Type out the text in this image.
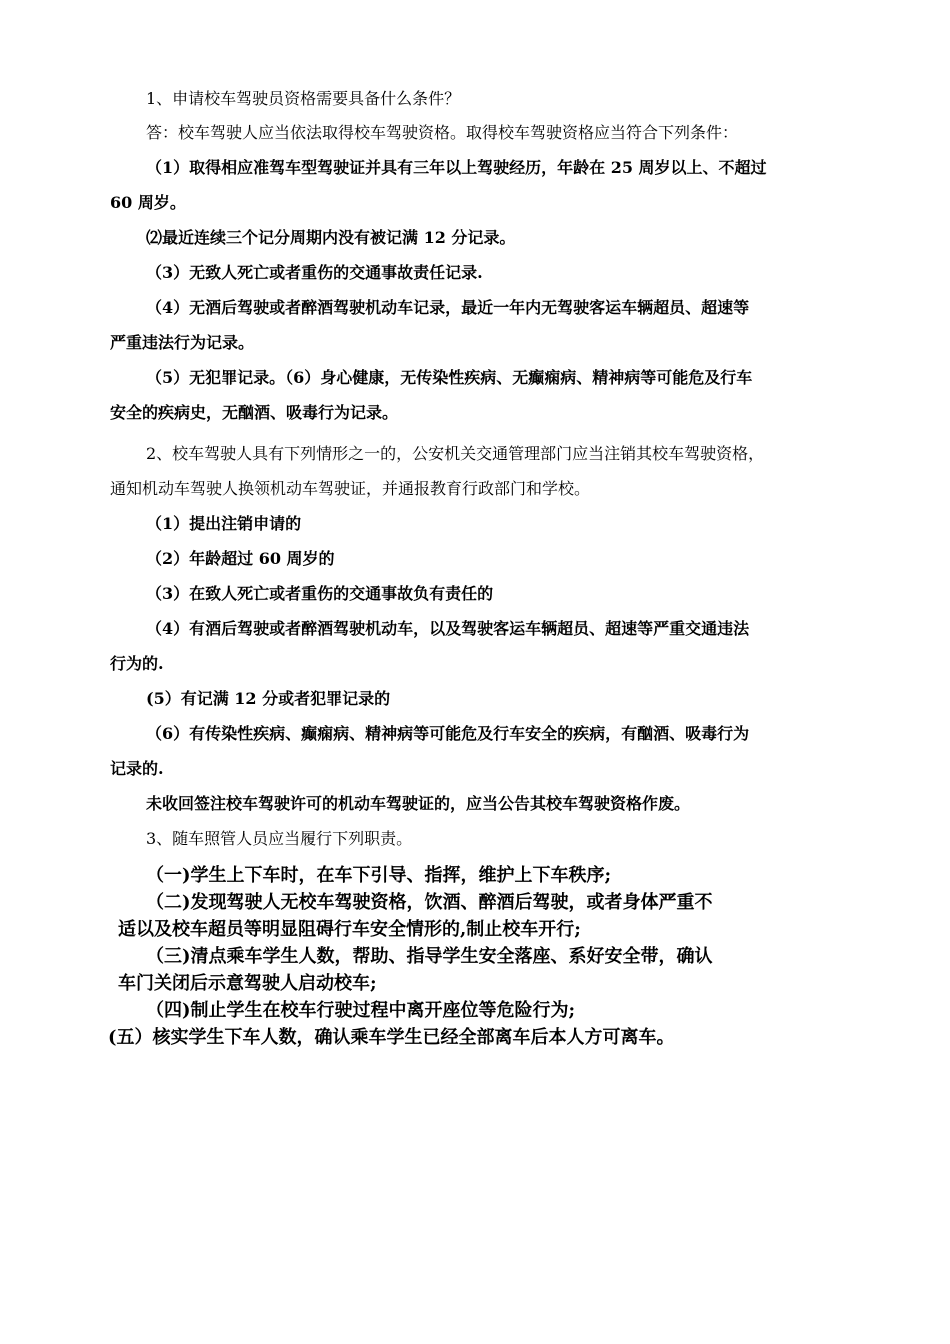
1、申请校车驾驶员资格需要具备什么条件？
答：校车驾驶人应当依法取得校车驾驶资格。取得校车驾驶资格应当符合下列条件：
（1）取得相应准驾车型驾驶证并具有三年以上驾驶经历，年龄在 25 周岁以上、不超过
60 周岁。
⑵最近连续三个记分周期内没有被记满 12 分记录。
（3）无致人死亡或者重伤的交通事故责任记录.
（4）无酒后驾驶或者醉酒驾驶机动车记录，最近一年内无驾驶客运车辆超员、超速等
严重违法行为记录。
（5）无犯罪记录。（6）身心健康，无传染性疾病、无癫痫病、精神病等可能危及行车
安全的疾病史，无酗酒、吸毒行为记录。
2、校车驾驶人具有下列情形之一的，公安机关交通管理部门应当注销其校车驾驶资格，
通知机动车驾驶人换领机动车驾驶证，并通报教育行政部门和学校。
（1）提出注销申请的
（2）年龄超过 60 周岁的
（3）在致人死亡或者重伤的交通事故负有责任的
（4）有酒后驾驶或者醉酒驾驶机动车，以及驾驶客运车辆超员、超速等严重交通违法
行为的.
(5）有记满 12 分或者犯罪记录的
（6）有传染性疾病、癫痫病、精神病等可能危及行车安全的疾病，有酗酒、吸毒行为
记录的.
未收回签注校车驾驶许可的机动车驾驶证的，应当公告其校车驾驶资格作废。
3、随车照管人员应当履行下列职责。
（一)学生上下车时，在车下引导、指挥，维护上下车秩序;
（二)发现驾驶人无校车驾驶资格，饮酒、醉酒后驾驶，或者身体严重不
适以及校车超员等明显阻碍行车安全情形的,制止校车开行;
（三)清点乘车学生人数，帮助、指导学生安全落座、系好安全带，确认
车门关闭后示意驾驶人启动校车;
（四)制止学生在校车行驶过程中离开座位等危险行为;
(五）核实学生下车人数，确认乘车学生已经全部离车后本人方可离车。
